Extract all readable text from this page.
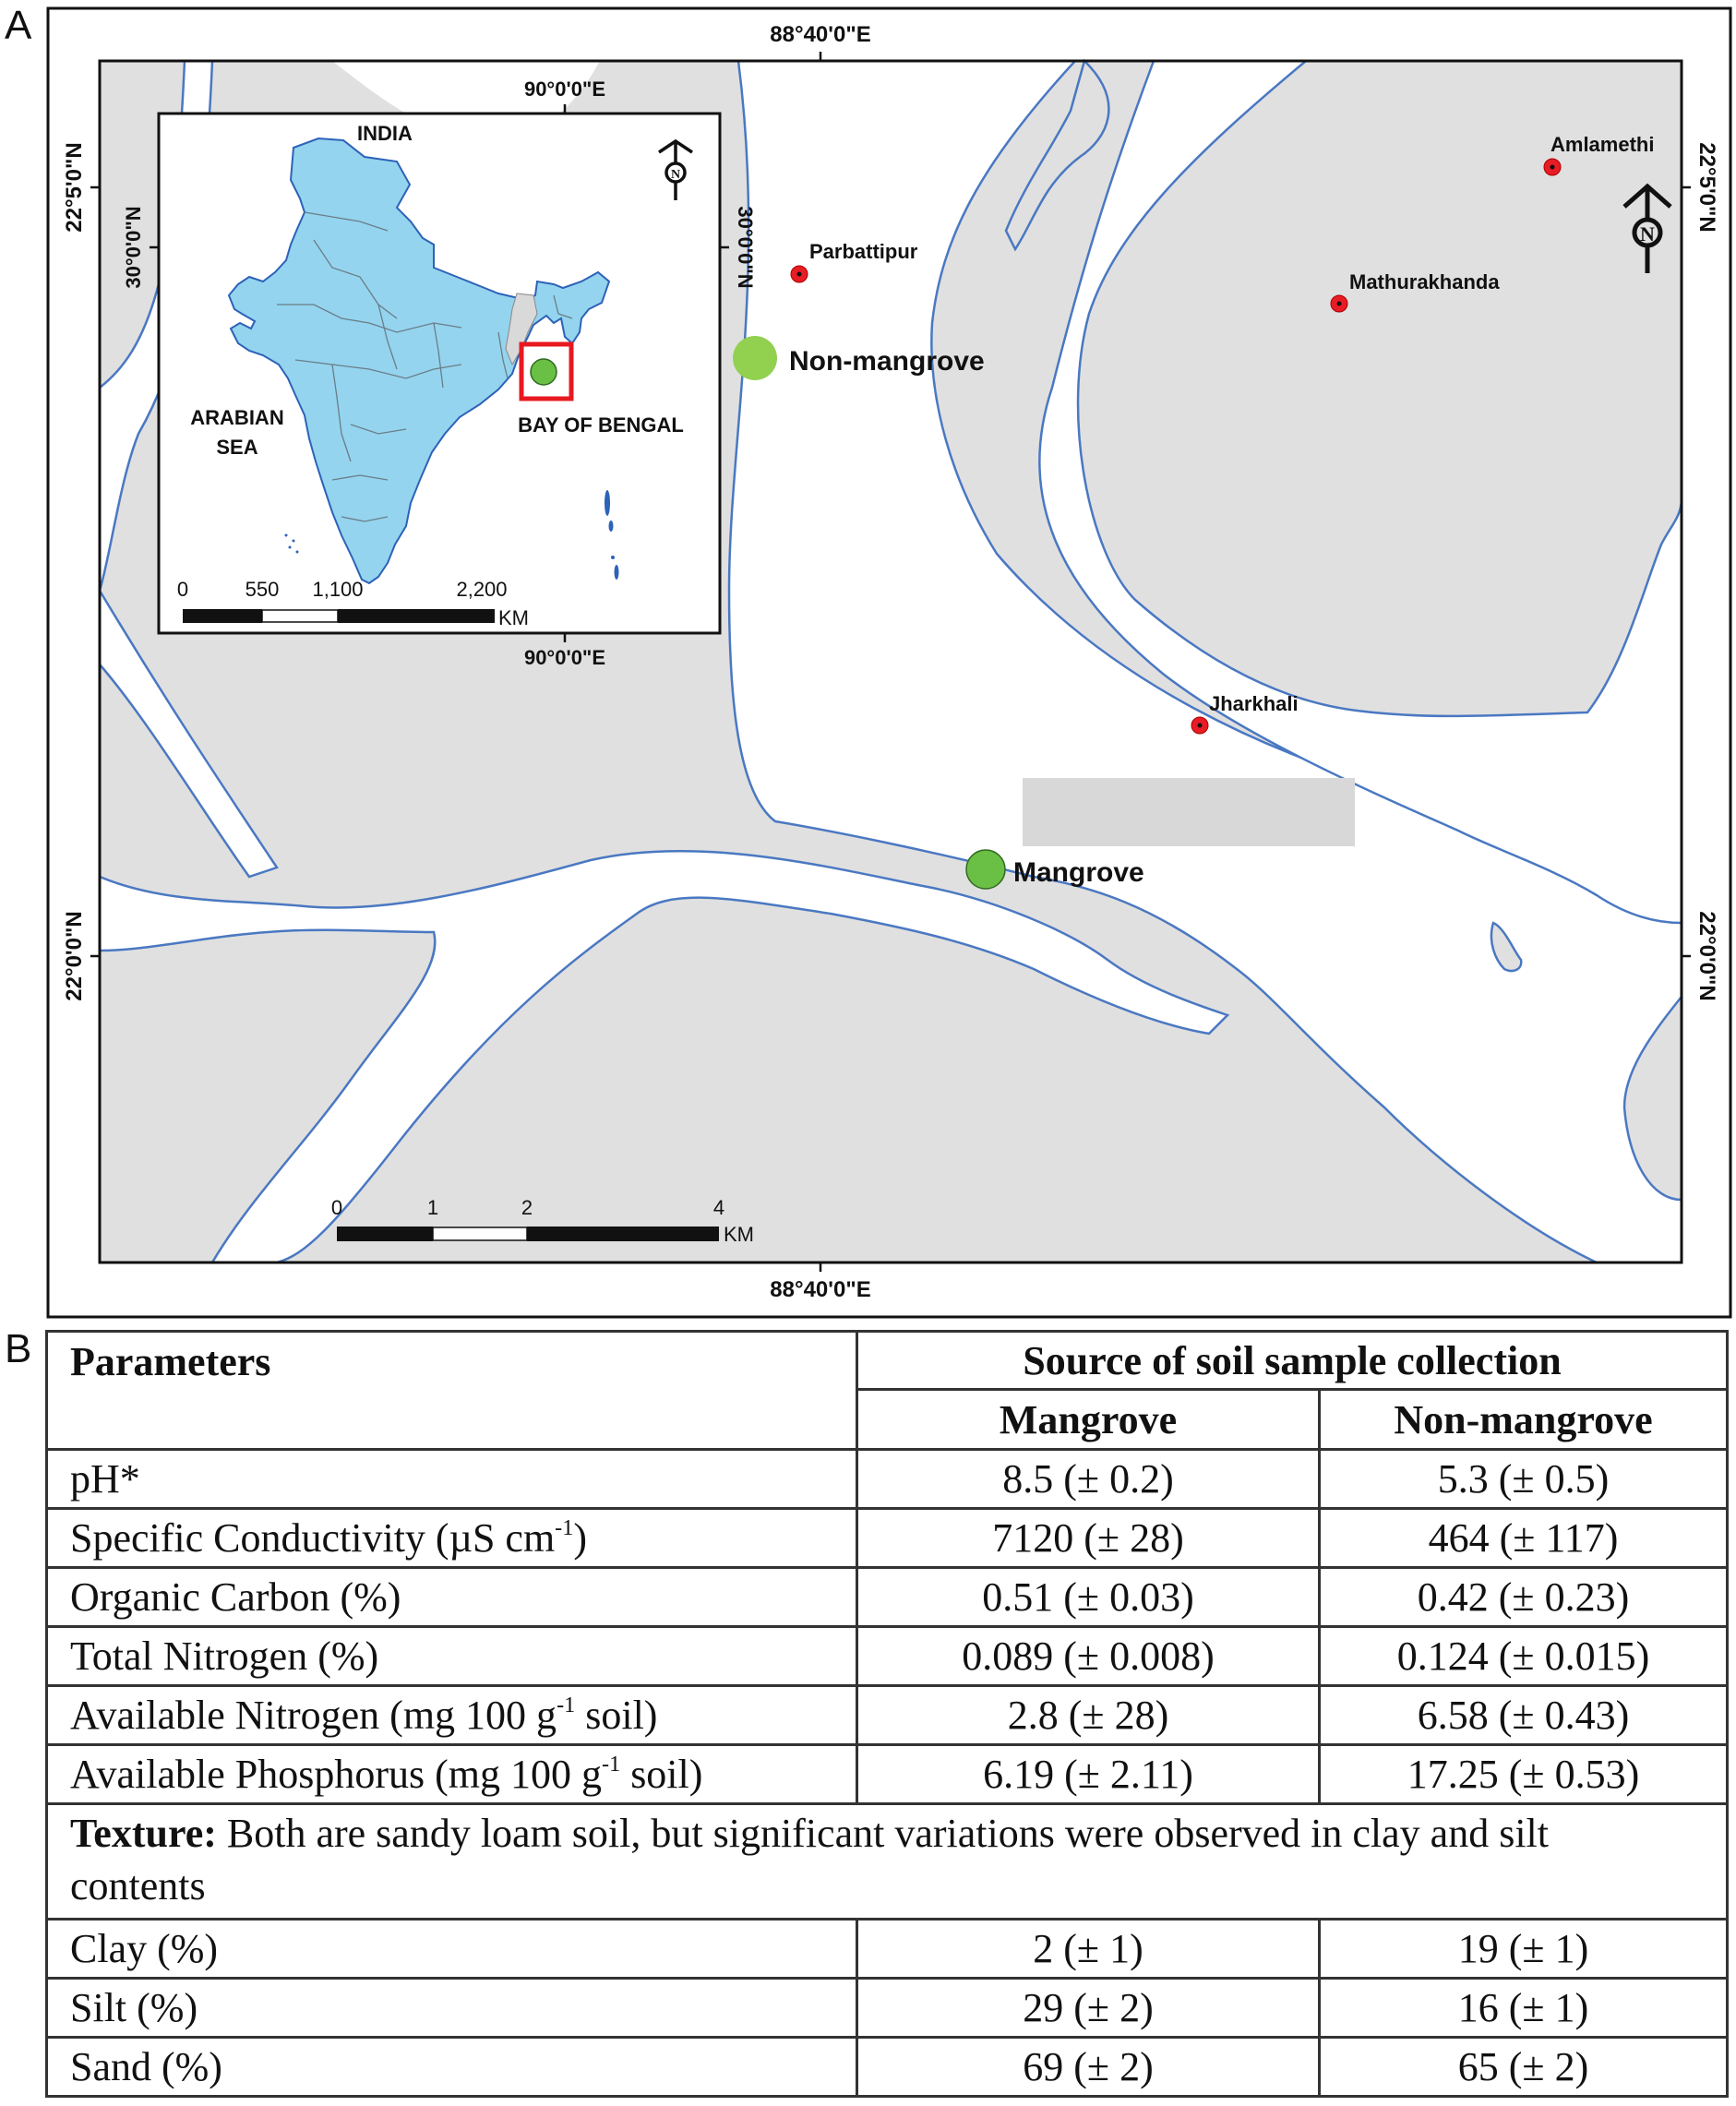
A
B
88°40'0"E
88°40'0"E
22°5'0"N
22°0'0"N
22°5'0"N
22°0'0"N
N
Parbattipur
Mathurakhanda
Amlamethi
Jharkhali
Non-mangrove
Mangrove
0	1	2	4
KM
INDIA
ARABIAN
SEA
BAY OF BENGAL
N
90°0'0"E
90°0'0"E
30°0'0"N	30°0'0"N
0	550 1,100	2,200
KM
Parameters	Source of soil sample collection	
	Mangrove	Non-mangrove
pH*	8.5 (± 0.2)	5.3 (± 0.5)
Specific Conductivity (µS $cm^{-1}$)	7120 (± 28)	464 (± 117)
Organic Carbon (%)	0.51 (± 0.03)	0.42 (± 0.23)
Total Nitrogen (%)	0.089 (± 0.008)	0.124 (± 0.015)
Available Nitrogen (mg 100 $g^{-1}$ soil)	2.8 (± 28)	6.58 (± 0.43)
Available Phosphorus (mg 100 $g^{-1}$ soil)	6.19 (± 2.11)	17.25 (± 0.53)
Texture: Both are sandy loam soil, but significant variations were observed in clay and silt contents		
Clay (%)	2 (± 1)	19 (± 1)
Silt (%)	29 (± 2)	16 (± 1)
Sand (%)	69 (± 2)	65 (± 2)
